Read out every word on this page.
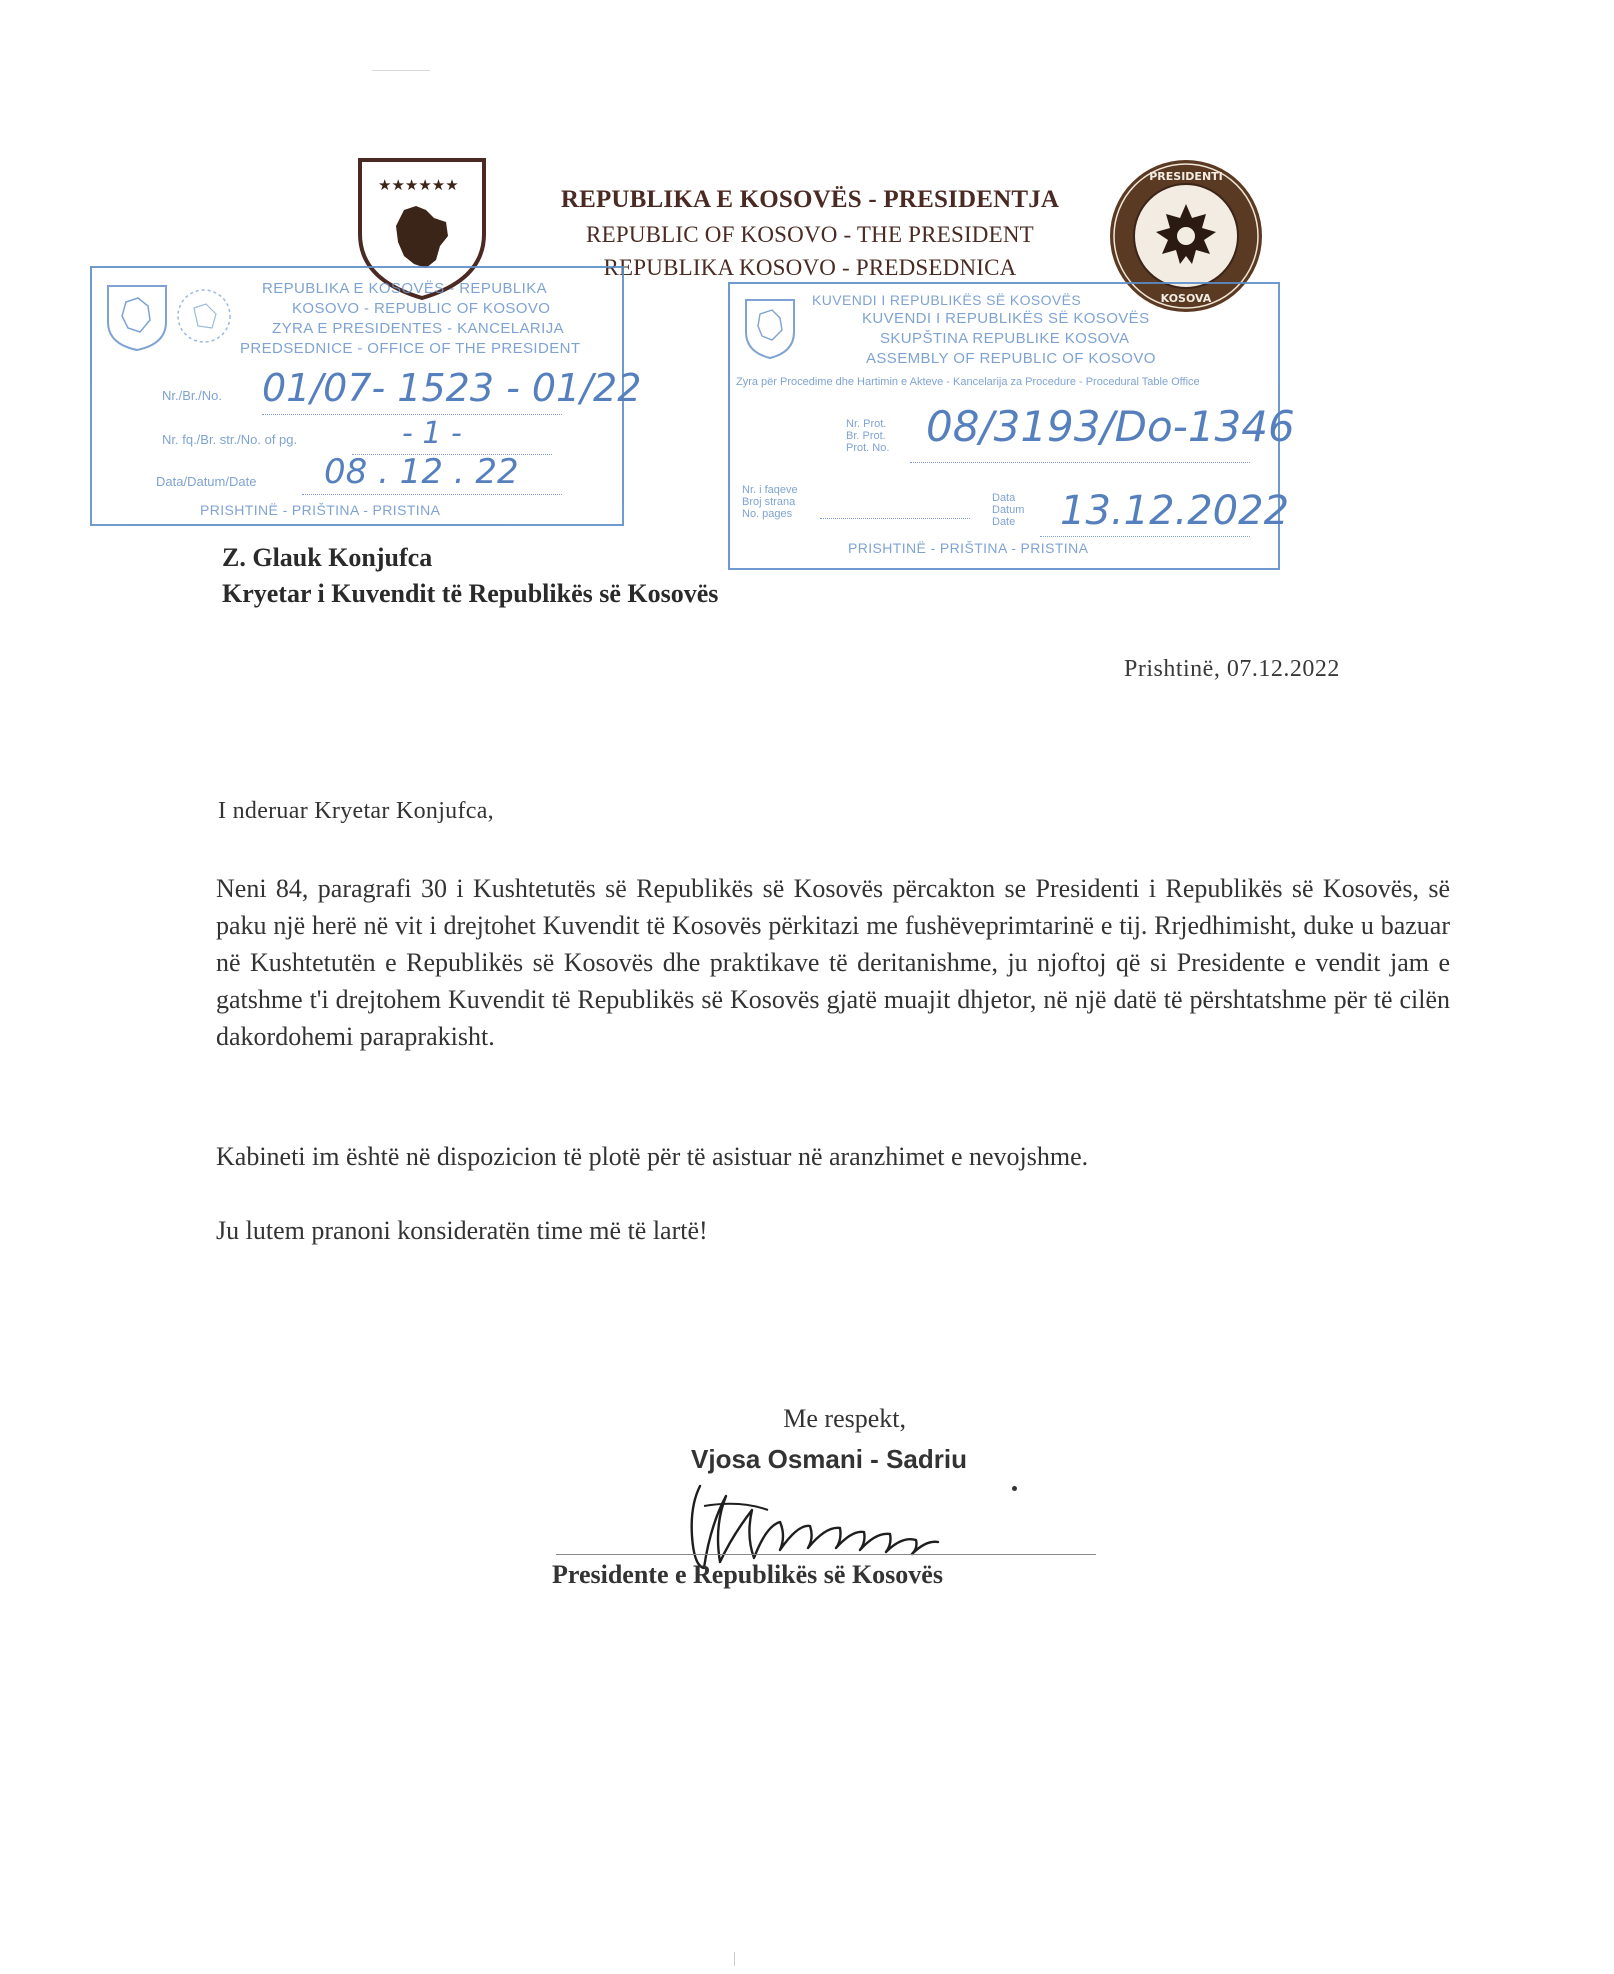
★★★★★★
REPUBLIKA E KOSOVËS - PRESIDENTJA
REPUBLIC OF KOSOVO - THE PRESIDENT
REPUBLIKA KOSOVO - PREDSEDNICA
PRESIDENTI
KOSOVA
REPUBLIKA E KOSOVËS - REPUBLIKA
KOSOVO - REPUBLIC OF KOSOVO
ZYRA E PRESIDENTES - KANCELARIJA
PREDSEDNICE - OFFICE OF THE PRESIDENT
Nr./Br./No. 01/07- 1523 - 01/22
Nr. fq./Br. str./No. of pg.	- 1 -
Data/Datum/Date 08 . 12 . 22
PRISHTINË - PRIŠTINA - PRISTINA
KUVENDI I REPUBLIKËS SË KOSOVËS
KUVENDI I REPUBLIKËS SË KOSOVËS
SKUPŠTINA REPUBLIKE KOSOVA
ASSEMBLY OF REPUBLIC OF KOSOVO
Zyra për Procedime dhe Hartimin e Akteve - Kancelarija za Procedure - Procedural Table Office
Nr. Prot.
Br. Prot.
Prot. No. 08/3193/Do-1346
Nr. i faqeve
Broj strana
No. pages
Data
Datum
Date 13.12.2022
PRISHTINË - PRIŠTINA - PRISTINA
Z. Glauk Konjufca
Kryetar i Kuvendit të Republikës së Kosovës
Prishtinë, 07.12.2022
I nderuar Kryetar Konjufca,
Neni 84, paragrafi 30 i Kushtetutës së Republikës së Kosovës përcakton se Presidenti i Republikës së Kosovës, së paku një herë në vit i drejtohet Kuvendit të Kosovës përkitazi me fushëveprimtarinë e tij. Rrjedhimisht, duke u bazuar në Kushtetutën e Republikës së Kosovës dhe praktikave të deritanishme, ju njoftoj që si Presidente e vendit jam e gatshme t'i drejtohem Kuvendit të Republikës së Kosovës gjatë muajit dhjetor, në një datë të përshtatshme për të cilën dakordohemi paraprakisht.
Kabineti im është në dispozicion të plotë për të asistuar në aranzhimet e nevojshme.
Ju lutem pranoni konsideratën time më të lartë!
Me respekt,
Vjosa Osmani - Sadriu
Presidente e Republikës së Kosovës
